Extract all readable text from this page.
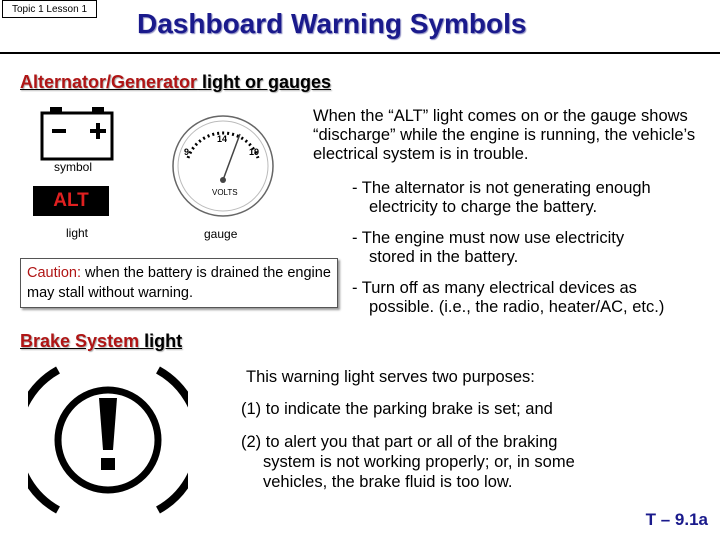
Topic 1 Lesson 1	Dashboard Warning Symbols
Alternator/Generator light or gauges
symbol
ALT
light
9
14
19
VOLTS
gauge
When the “ALT” light comes on or the gauge shows “discharge” while the engine is running, the vehicle’s electrical system is in trouble.
- The alternator is not generating enough
electricity to charge the battery.
- The engine must now use electricity
stored in the battery.
- Turn off as many electrical devices as
possible. (i.e., the radio, heater/AC, etc.)
Caution: when the battery is drained the engine may stall without warning.
Brake System light
This warning light serves two purposes:
(1) to indicate the parking brake is set; and
(2) to alert you that part or all of the braking
system is not working properly; or, in some
vehicles, the brake fluid is too low.
T – 9.1a
